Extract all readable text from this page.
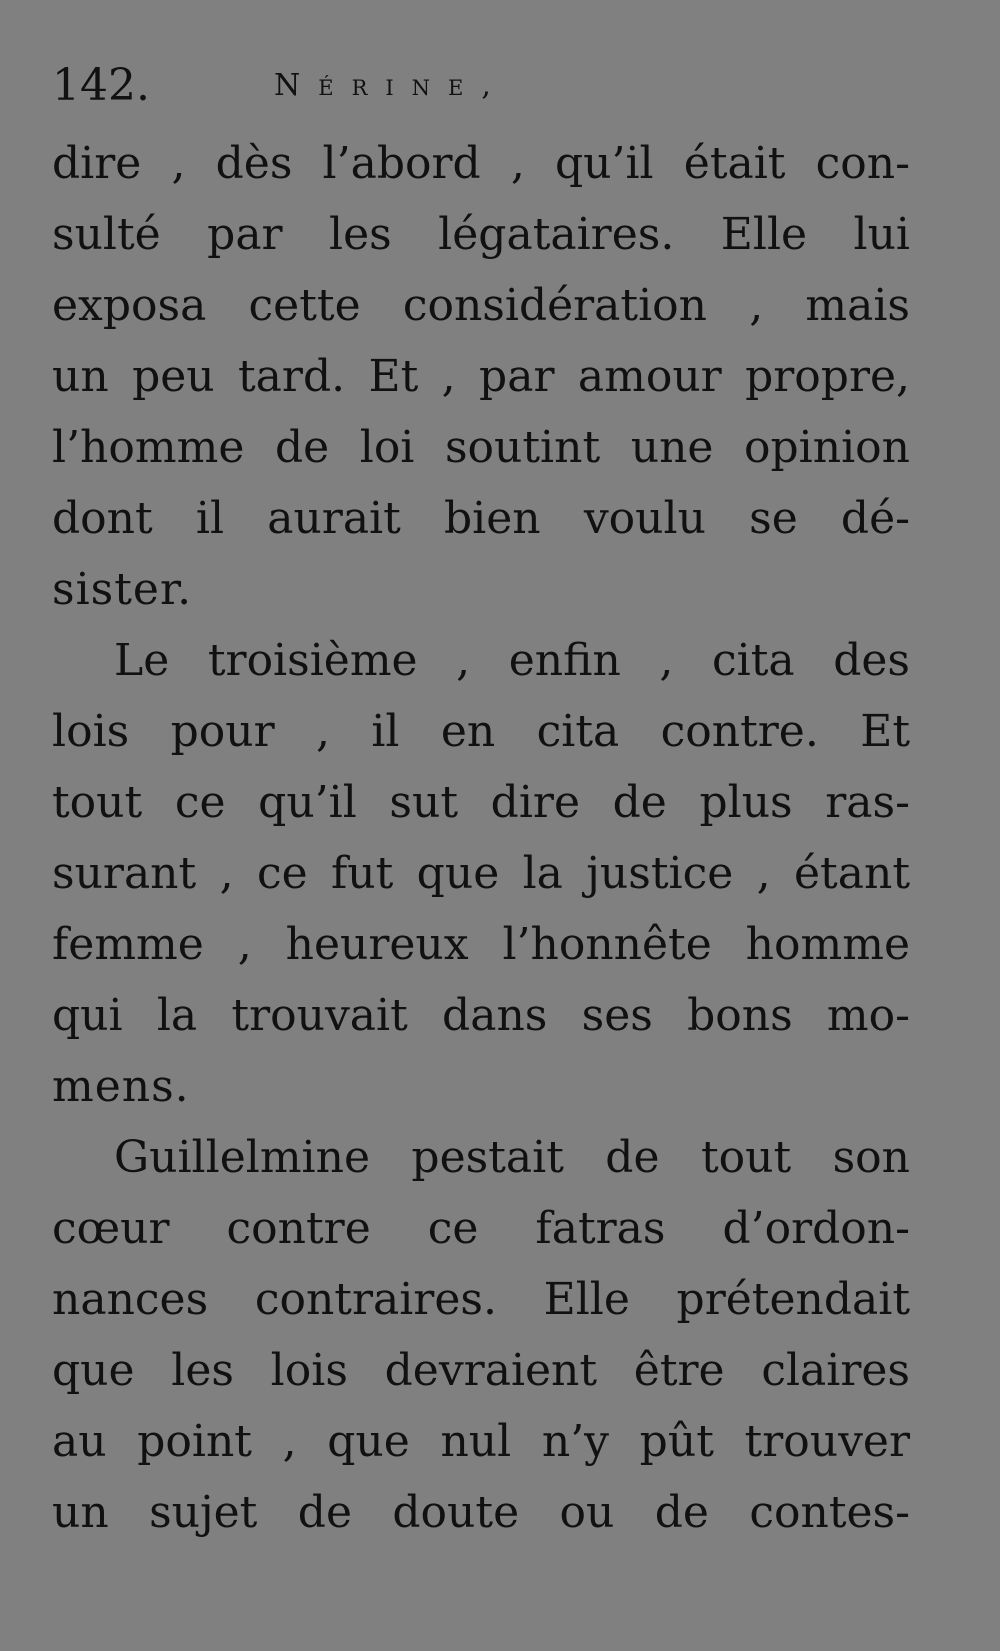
142.	Nérine,
dire , dès l’abord , qu’il était con-
sulté par les légataires. Elle lui
exposa cette considération , mais
un peu tard. Et , par amour propre,
l’homme de loi soutint une opinion
dont il aurait bien voulu se dé-
sister.
Le troisième , enfin , cita des
lois pour , il en cita contre. Et
tout ce qu’il sut dire de plus ras-
surant , ce fut que la justice , étant
femme , heureux l’honnête homme
qui la trouvait dans ses bons mo-
mens.
Guillelmine pestait de tout son
cœur contre ce fatras d’ordon-
nances contraires. Elle prétendait
que les lois devraient être claires
au point , que nul n’y pût trouver
un sujet de doute ou de contes-
